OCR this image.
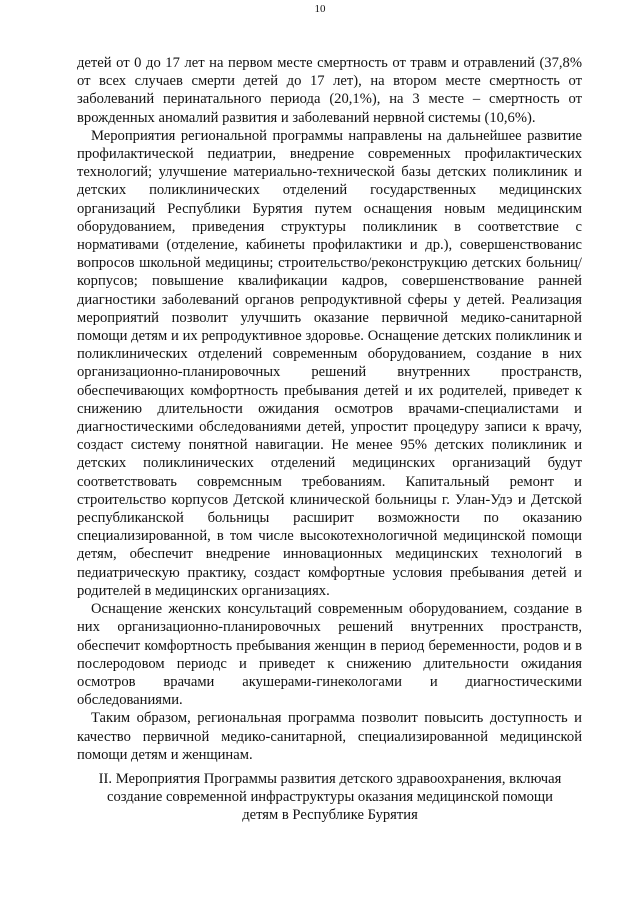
10

детей от 0 до 17 лет на первом месте смертность от травм и отравлений (37,8% от всех случаев смерти детей до 17 лет), на втором месте смертность от заболеваний перинатального периода (20,1%), на 3 месте – смертность от врожденных аномалий развития и заболеваний нервной системы (10,6%).

Мероприятия региональной программы направлены на дальнейшее развитие профилактической педиатрии, внедрение современных профилактических технологий; улучшение материально-технической базы детских поликлиник и детских поликлинических отделений государственных медицинских организаций Республики Бурятия путем оснащения новым медицинским оборудованием, приведения структуры поликлиник в соответствие с нормативами (отделение, кабинеты профилактики и др.), совершенствованис вопросов школьной медицины; строительство/реконструкцию детских больниц/корпусов; повышение квалификации кадров, совершенствование ранней диагностики заболеваний органов репродуктивной сферы у детей. Реализация мероприятий позволит улучшить оказание первичной медико-санитарной помощи детям и их репродуктивное здоровье. Оснащение детских поликлиник и поликлинических отделений современным оборудованием, создание в них организационно-планировочных решений внутренних пространств, обеспечивающих комфортность пребывания детей и их родителей, приведет к снижению длительности ожидания осмотров врачами-специалистами и диагностическими обследованиями детей, упростит процедуру записи к врачу, создаст систему понятной навигации. Не менее 95% детских поликлиник и детских поликлинических отделений медицинских организаций будут соответствовать совремснным требованиям. Капитальный ремонт и строительство корпусов Детской клинической больницы г. Улан-Удэ и Детской республиканской больницы расширит возможности по оказанию специализированной, в том числе высокотехнологичной медицинской помощи детям, обеспечит внедрение инновационных медицинских технологий в педиатрическую практику, создаст комфортные условия пребывания детей и родителей в медицинских организациях.

Оснащение женских консультаций современным оборудованием, создание в них организационно-планировочных решений внутренних пространств, обеспечит комфортность пребывания женщин в период беременности, родов и в послеродовом периодс и приведет к снижению длительности ожидания осмотров врачами акушерами-гинекологами и диагностическими обследованиями.

Таким образом, региональная программа позволит повысить доступность и качество первичной медико-санитарной, специализированной медицинской помощи детям и женщинам.

II. Мероприятия Программы развития детского здравоохранения, включая
создание современной инфраструктуры оказания медицинской помощи
детям в Республике Бурятия
